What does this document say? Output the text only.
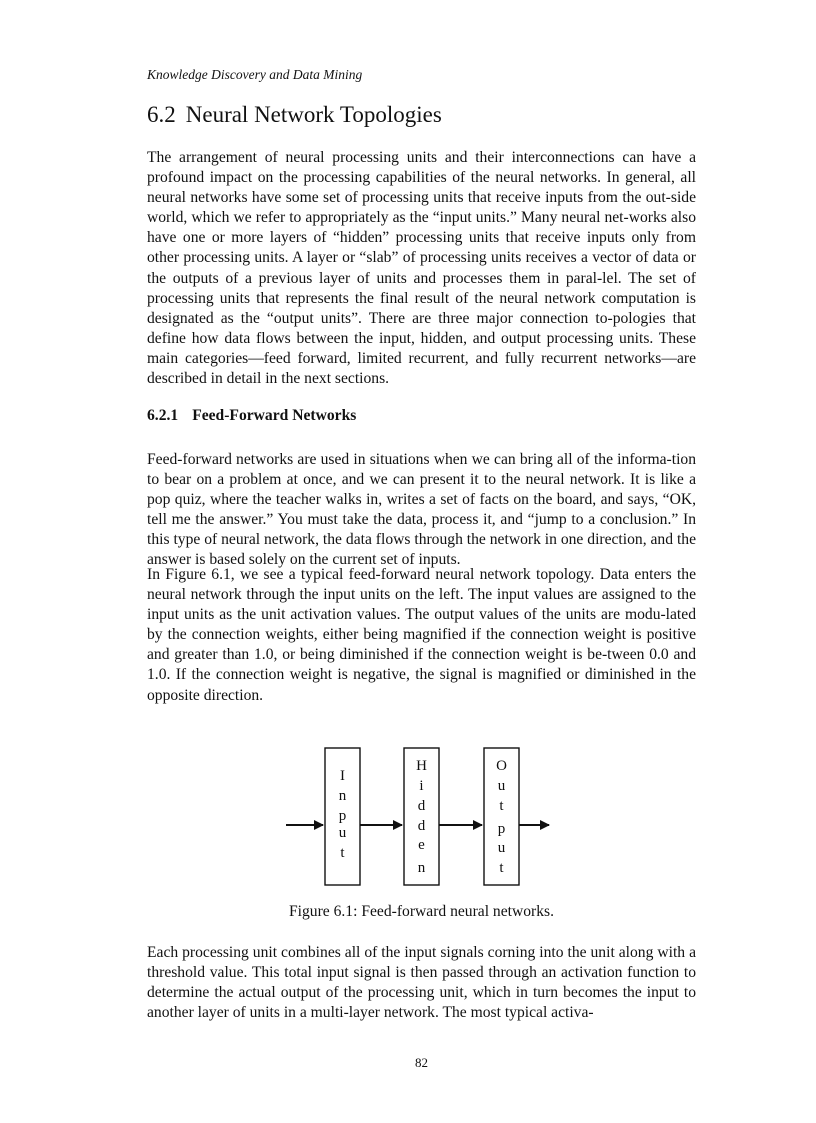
Knowledge Discovery and Data Mining
6.2 Neural Network Topologies

The arrangement of neural processing units and their interconnections can have a profound impact on the processing capabilities of the neural networks. In general, all neural networks have some set of processing units that receive inputs from the out-side world, which we refer to appropriately as the “input units.” Many neural net-works also have one or more layers of “hidden” processing units that receive inputs only from other processing units. A layer or “slab” of processing units receives a vector of data or the outputs of a previous layer of units and processes them in paral-lel. The set of processing units that represents the final result of the neural network computation is designated as the “output units”. There are three major connection to-pologies that define how data flows between the input, hidden, and output processing units. These main categories—feed forward, limited recurrent, and fully recurrent networks—are described in detail in the next sections.

6.2.1 Feed-Forward Networks

Feed-forward networks are used in situations when we can bring all of the informa-tion to bear on a problem at once, and we can present it to the neural network. It is like a pop quiz, where the teacher walks in, writes a set of facts on the board, and says, “OK, tell me the answer.” You must take the data, process it, and “jump to a conclusion.” In this type of neural network, the data flows through the network in one direction, and the answer is based solely on the current set of inputs.

In Figure 6.1, we see a typical feed-forward neural network topology. Data enters the neural network through the input units on the left. The input values are assigned to the input units as the unit activation values. The output values of the units are modu-lated by the connection weights, either being magnified if the connection weight is positive and greater than 1.0, or being diminished if the connection weight is be-tween 0.0 and 1.0. If the connection weight is negative, the signal is magnified or diminished in the opposite direction.

I
n
p
u
t
H
i
d
d
e
n
O
u
t
p
u
t

Figure 6.1: Feed-forward neural networks.

Each processing unit combines all of the input signals corning into the unit along with a threshold value. This total input signal is then passed through an activation function to determine the actual output of the processing unit, which in turn becomes the input to another layer of units in a multi-layer network. The most typical activa-

82
